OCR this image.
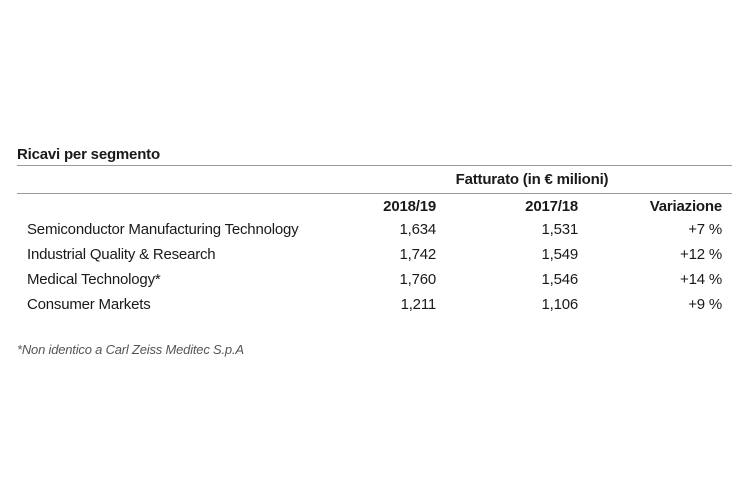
Ricavi per segmento
Fatturato (in € milioni)
2018/19	2017/18	Variazione
Semiconductor Manufacturing Technology	1,634	1,531	+7 %
Industrial Quality & Research	1,742	1,549	+12 %
Medical Technology*	1,760	1,546	+14 %
Consumer Markets	1,211	1,106	+9 %
*Non identico a Carl Zeiss Meditec S.p.A
